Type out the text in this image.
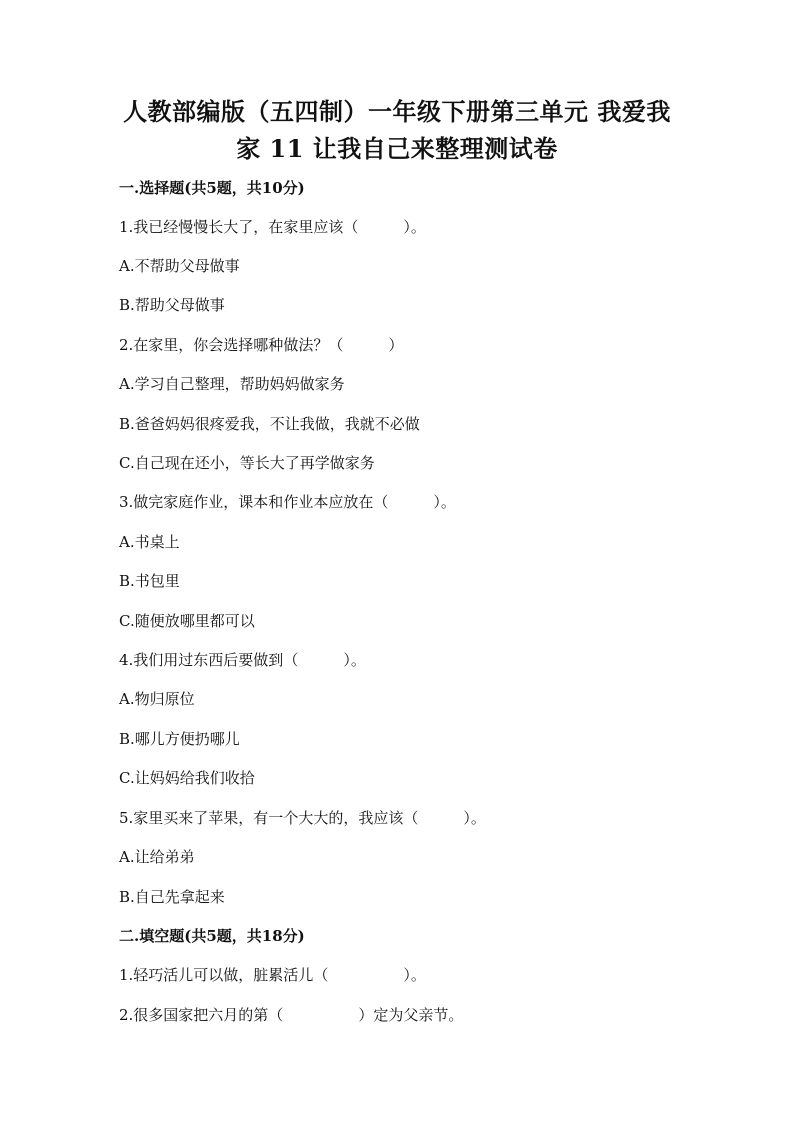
人教部编版（五四制）一年级下册第三单元 我爱我
家 11 让我自己来整理测试卷
一.选择题(共5题，共10分)
1.我已经慢慢长大了，在家里应该（　　　）。
A.不帮助父母做事
B.帮助父母做事
2.在家里，你会选择哪种做法？（　　　）
A.学习自己整理，帮助妈妈做家务
B.爸爸妈妈很疼爱我，不让我做，我就不必做
C.自己现在还小，等长大了再学做家务
3.做完家庭作业，课本和作业本应放在（　　　）。
A.书桌上
B.书包里
C.随便放哪里都可以
4.我们用过东西后要做到（　　　）。
A.物归原位
B.哪儿方便扔哪儿
C.让妈妈给我们收拾
5.家里买来了苹果，有一个大大的，我应该（　　　）。
A.让给弟弟
B.自己先拿起来
二.填空题(共5题，共18分)
1.轻巧活儿可以做，脏累活儿（　　　　　）。
2.很多国家把六月的第（　　　　　）定为父亲节。
